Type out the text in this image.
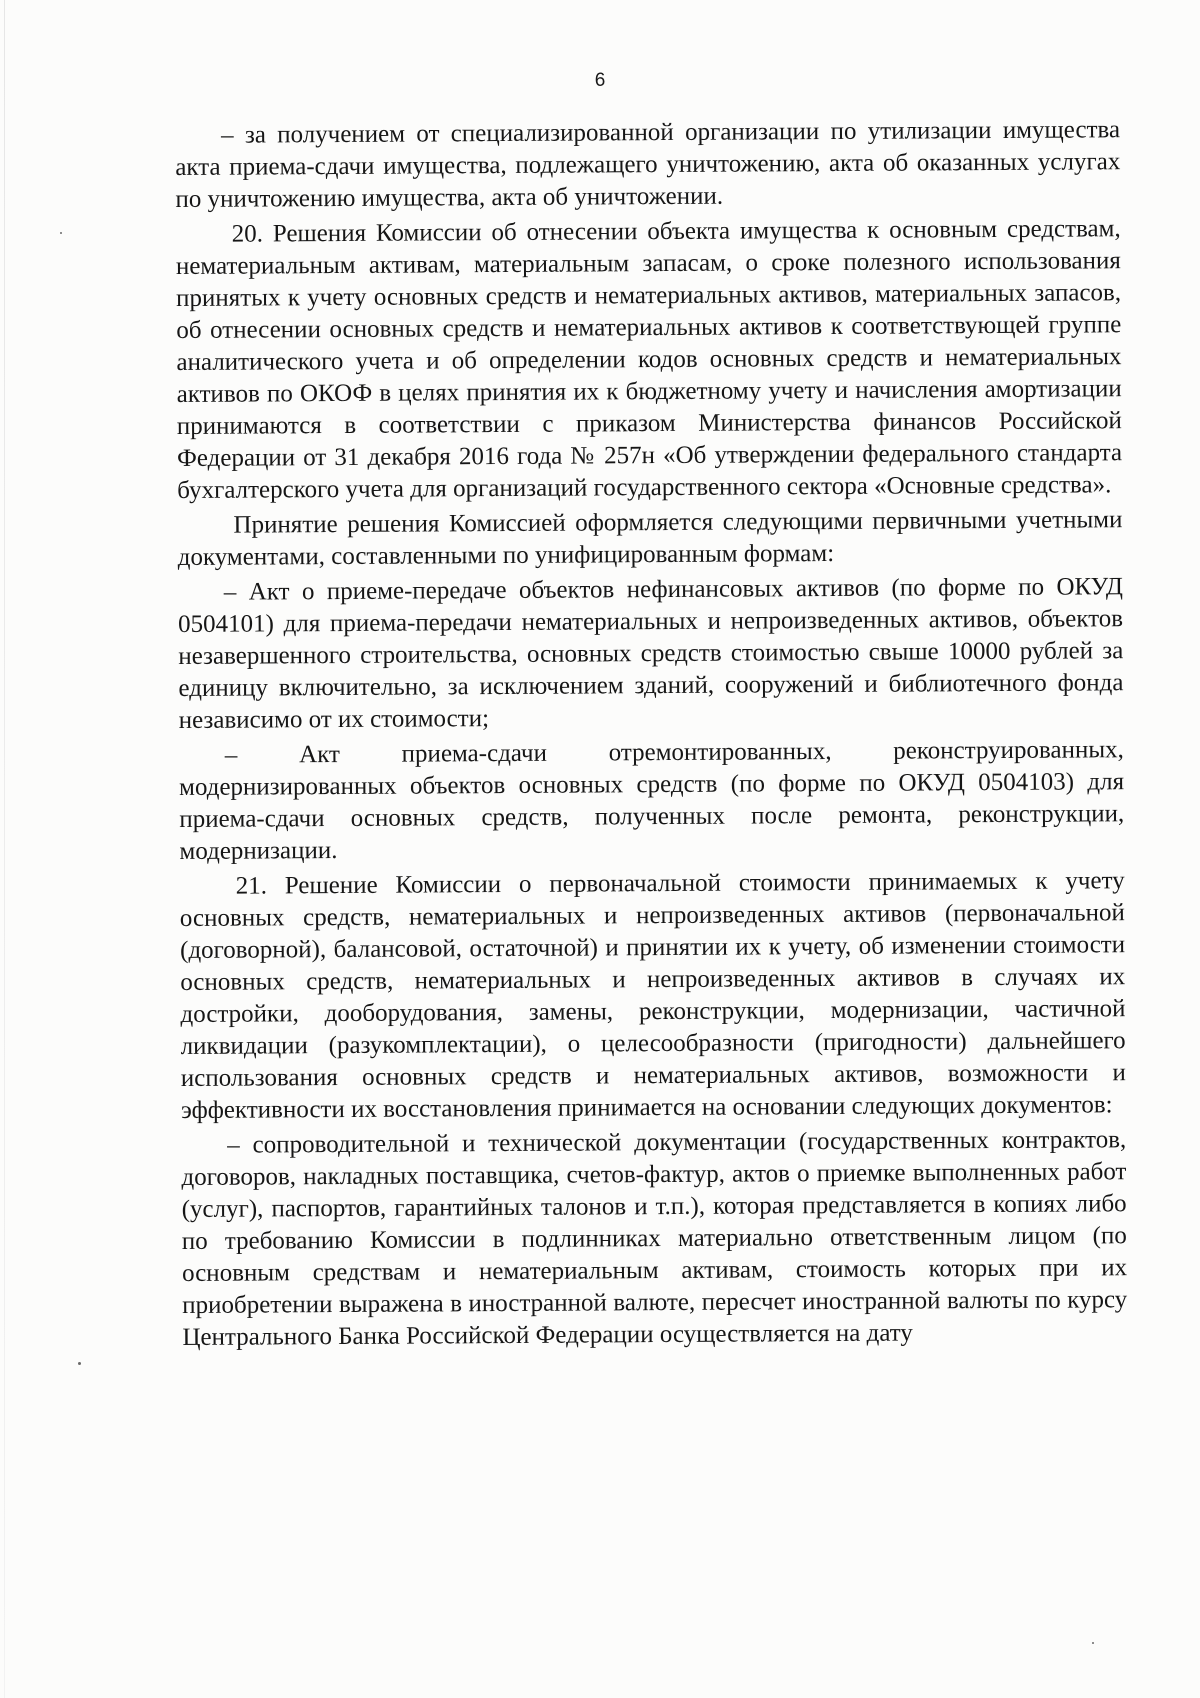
6

– за получением от специализированной организации по утилизации имущества акта приема-сдачи имущества, подлежащего уничтожению, акта об оказанных услугах по уничтожению имущества, акта об уничтожении.

20. Решения Комиссии об отнесении объекта имущества к основным средствам, нематериальным активам, материальным запасам, о сроке полезного использования принятых к учету основных средств и нематериальных активов, материальных запасов, об отнесении основных средств и нематериальных активов к соответствующей группе аналитического учета и об определении кодов основных средств и нематериальных активов по ОКОФ в целях принятия их к бюджетному учету и начисления амортизации принимаются в соответствии с приказом Министерства финансов Российской Федерации от 31 декабря 2016 года № 257н «Об утверждении федерального стандарта бухгалтерского учета для организаций государственного сектора «Основные средства».

Принятие решения Комиссией оформляется следующими первичными учетными документами, составленными по унифицированным формам:

– Акт о приеме-передаче объектов нефинансовых активов (по форме по ОКУД 0504101) для приема-передачи нематериальных и непроизведенных активов, объектов незавершенного строительства, основных средств стоимостью свыше 10000 рублей за единицу включительно, за исключением зданий, сооружений и библиотечного фонда независимо от их стоимости;

– Акт приема-сдачи отремонтированных, реконструированных, модернизированных объектов основных средств (по форме по ОКУД 0504103) для приема-сдачи основных средств, полученных после ремонта, реконструкции, модернизации.

21. Решение Комиссии о первоначальной стоимости принимаемых к учету основных средств, нематериальных и непроизведенных активов (первоначальной (договорной), балансовой, остаточной) и принятии их к учету, об изменении стоимости основных средств, нематериальных и непроизведенных активов в случаях их достройки, дооборудования, замены, реконструкции, модернизации, частичной ликвидации (разукомплектации), о целесообразности (пригодности) дальнейшего использования основных средств и нематериальных активов, возможности и эффективности их восстановления принимается на основании следующих документов:

– сопроводительной и технической документации (государственных контрактов, договоров, накладных поставщика, счетов-фактур, актов о приемке выполненных работ (услуг), паспортов, гарантийных талонов и т.п.), которая представляется в копиях либо по требованию Комиссии в подлинниках материально ответственным лицом (по основным средствам и нематериальным активам, стоимость которых при их приобретении выражена в иностранной валюте, пересчет иностранной валюты по курсу Центрального Банка Российской Федерации осуществляется на дату
